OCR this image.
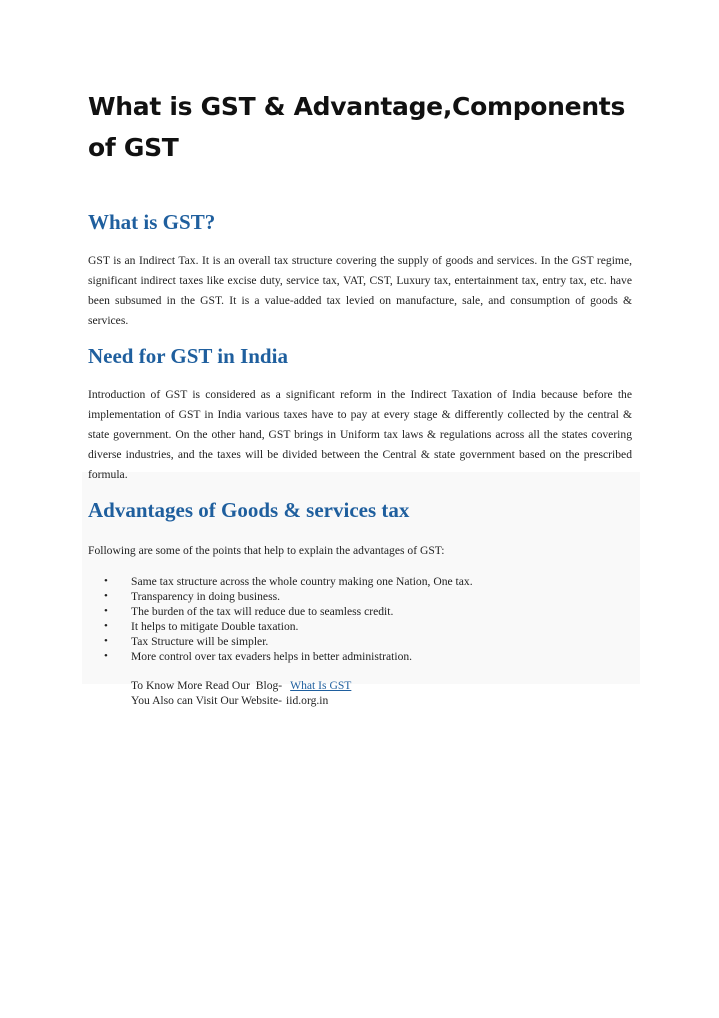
What is GST & Advantage,Components of GST
What is GST?

GST is an Indirect Tax. It is an overall tax structure covering the supply of goods and services. In the GST regime, significant indirect taxes like excise duty, service tax, VAT, CST, Luxury tax, entertainment tax, entry tax, etc. have been subsumed in the GST. It is a value-added tax levied on manufacture, sale, and consumption of goods & services.

Need for GST in India

Introduction of GST is considered as a significant reform in the Indirect Taxation of India because before the implementation of GST in India various taxes have to pay at every stage & differently collected by the central & state government. On the other hand, GST brings in Uniform tax laws & regulations across all the states covering diverse industries, and the taxes will be divided between the Central & state government based on the prescribed formula.

Advantages of Goods & services tax

Following are some of the points that help to explain the advantages of GST:

• Same tax structure across the whole country making one Nation, One tax.
• Transparency in doing business.
• The burden of the tax will reduce due to seamless credit.
• It helps to mitigate Double taxation.
• Tax Structure will be simpler.
• More control over tax evaders helps in better administration.
To Know More Read Our  Blog- What Is GST
You Also can Visit Our Website- iid.org.in
